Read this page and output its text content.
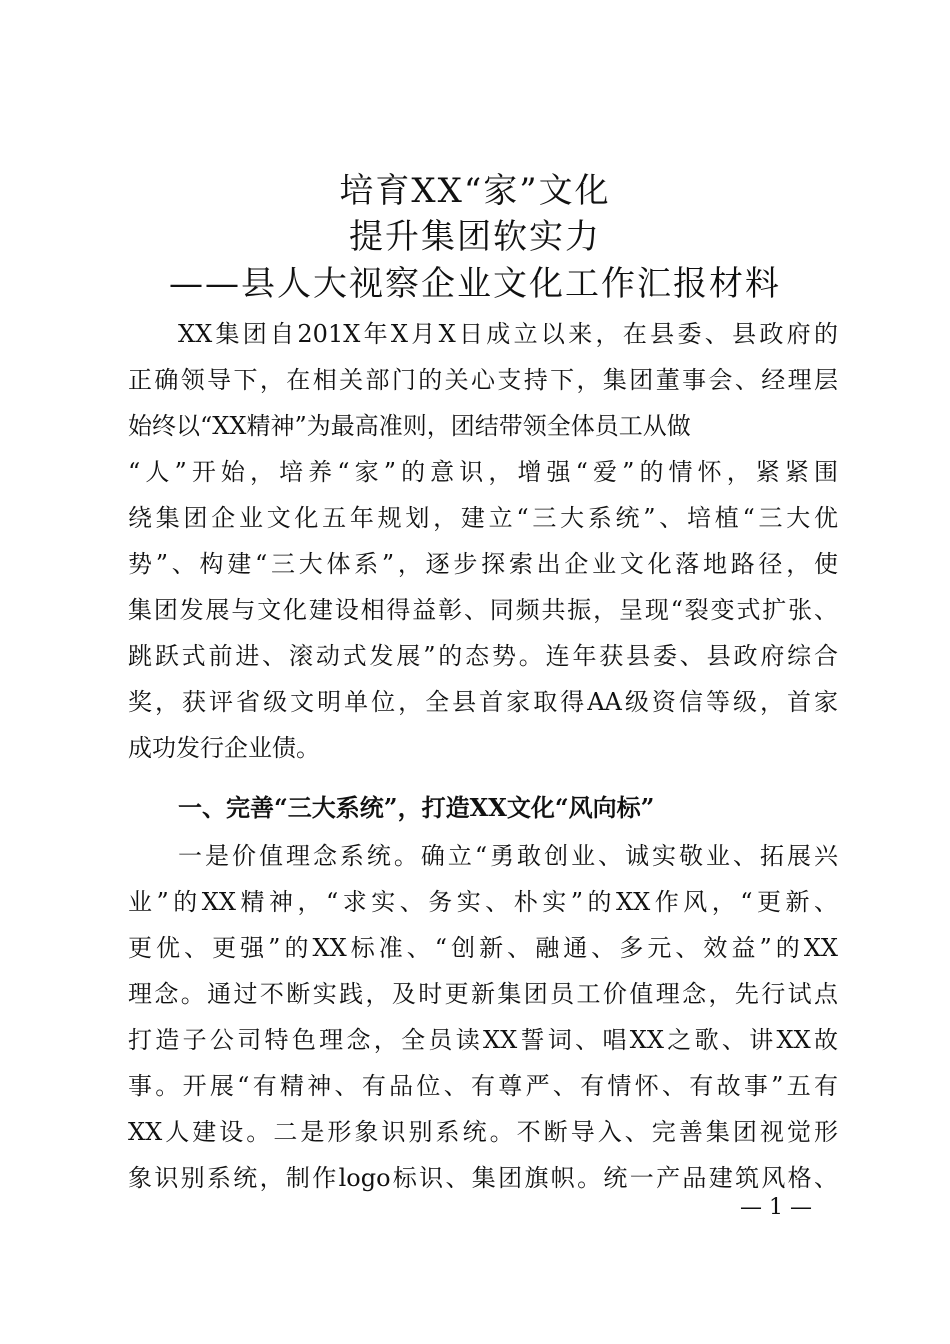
培育XX“家”文化
提升集团软实力
——县人大视察企业文化工作汇报材料
XX集团自201X年X月X日成立以来，在县委、县政府的
正确领导下，在相关部门的关心支持下，集团董事会、经理层
始终以“XX精神”为最高准则，团结带领全体员工从做
“人”开始，培养“家”的意识，增强“爱”的情怀，紧紧围
绕集团企业文化五年规划，建立“三大系统”、培植“三大优
势”、构建“三大体系”，逐步探索出企业文化落地路径，使
集团发展与文化建设相得益彰、同频共振，呈现“裂变式扩张、
跳跃式前进、滚动式发展”的态势。连年获县委、县政府综合
奖，获评省级文明单位，全县首家取得AA级资信等级，首家
成功发行企业债。
一、完善“三大系统”，打造XX文化“风向标”
一是价值理念系统。确立“勇敢创业、诚实敬业、拓展兴
业”的XX精神，“求实、务实、朴实”的XX作风，“更新、
更优、更强”的XX标准、“创新、融通、多元、效益”的XX
理念。通过不断实践，及时更新集团员工价值理念，先行试点
打造子公司特色理念，全员读XX誓词、唱XX之歌、讲XX故
事。开展“有精神、有品位、有尊严、有情怀、有故事”五有
XX人建设。二是形象识别系统。不断导入、完善集团视觉形
象识别系统，制作logo标识、集团旗帜。统一产品建筑风格、
— 1 —
